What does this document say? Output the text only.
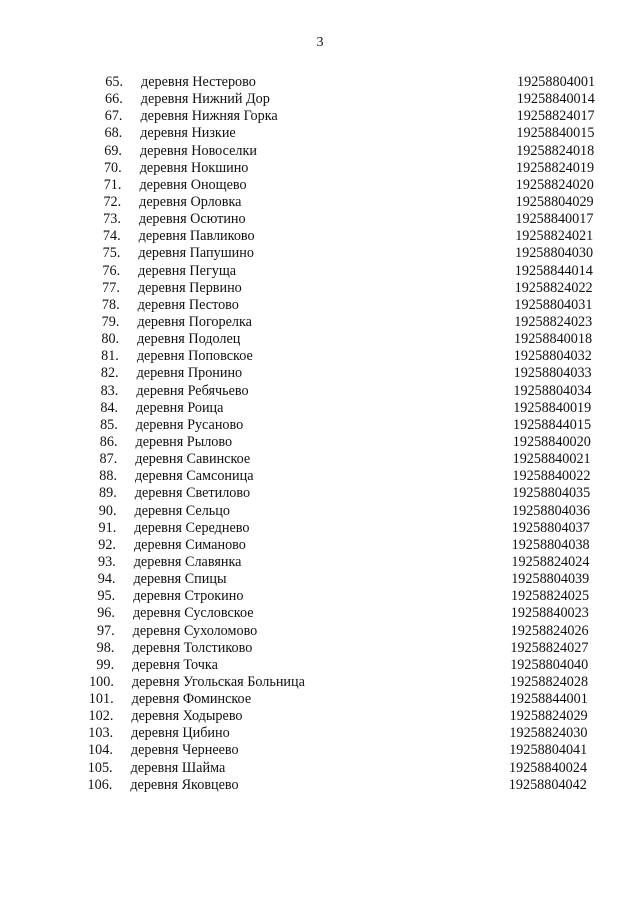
3
65. деревня Нестерово	19258804001
66. деревня Нижний Дор	19258840014
67. деревня Нижняя Горка	19258824017
68. деревня Низкие	19258840015
69. деревня Новоселки	19258824018
70. деревня Нокшино	19258824019
71. деревня Онощево	19258824020
72. деревня Орловка	19258804029
73. деревня Осютино	19258840017
74. деревня Павликово	19258824021
75. деревня Папушино	19258804030
76. деревня Пегуща	19258844014
77. деревня Первино	19258824022
78. деревня Пестово	19258804031
79. деревня Погорелка	19258824023
80. деревня Подолец	19258840018
81. деревня Поповское	19258804032
82. деревня Пронино	19258804033
83. деревня Ребячьево	19258804034
84. деревня Роица	19258840019
85. деревня Русаново	19258844015
86. деревня Рылово	19258840020
87. деревня Савинское	19258840021
88. деревня Самсоница	19258840022
89. деревня Светилово	19258804035
90. деревня Сельцо	19258804036
91. деревня Середнево	19258804037
92. деревня Симаново	19258804038
93. деревня Славянка	19258824024
94. деревня Спицы	19258804039
95. деревня Строкино	19258824025
96. деревня Сусловское	19258840023
97. деревня Сухоломово	19258824026
98. деревня Толстиково	19258824027
99. деревня Точка	19258804040
100. деревня Угольская Больница	19258824028
101. деревня Фоминское	19258844001
102. деревня Ходырево	19258824029
103. деревня Цибино	19258824030
104. деревня Чернеево	19258804041
105. деревня Шайма	19258840024
106. деревня Яковцево	19258804042
